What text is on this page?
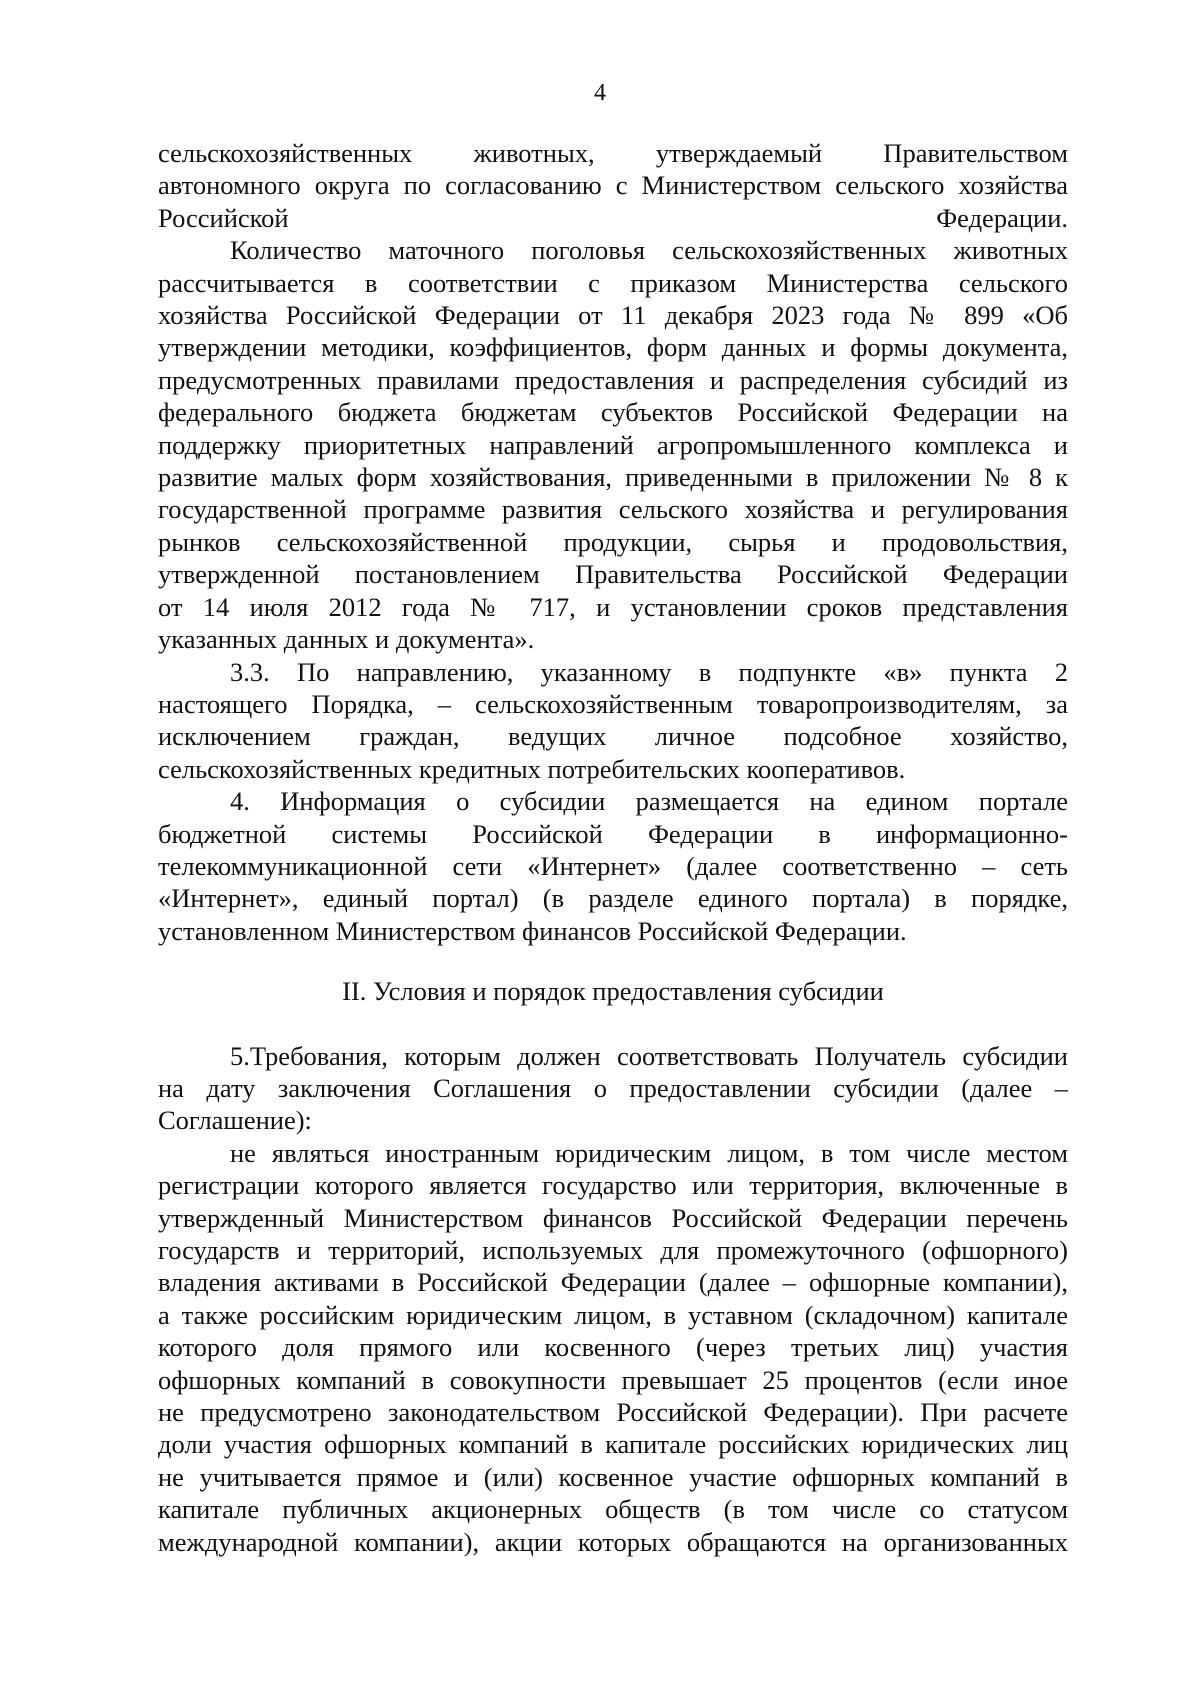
4
сельскохозяйственных животных, утверждаемый Правительством
автономного округа по согласованию с Министерством сельского хозяйства
Российской Федерации.
Количество маточного поголовья сельскохозяйственных животных
рассчитывается в соответствии с приказом Министерства сельского
хозяйства Российской Федерации от 11 декабря 2023 года № 899 «Об
утверждении методики, коэффициентов, форм данных и формы документа,
предусмотренных правилами предоставления и распределения субсидий из
федерального бюджета бюджетам субъектов Российской Федерации на
поддержку приоритетных направлений агропромышленного комплекса и
развитие малых форм хозяйствования, приведенными в приложении № 8 к
государственной программе развития сельского хозяйства и регулирования
рынков сельскохозяйственной продукции, сырья и продовольствия,
утвержденной постановлением Правительства Российской Федерации
от 14 июля 2012 года № 717, и установлении сроков представления
указанных данных и документа».
3.3. По направлению, указанному в подпункте «в» пункта 2
настоящего Порядка, – сельскохозяйственным товаропроизводителям, за
исключением граждан, ведущих личное подсобное хозяйство,
сельскохозяйственных кредитных потребительских кооперативов.
4. Информация о субсидии размещается на едином портале
бюджетной системы Российской Федерации в информационно-
телекоммуникационной сети «Интернет» (далее соответственно – сеть
«Интернет», единый портал) (в разделе единого портала) в порядке,
установленном Министерством финансов Российской Федерации.
II. Условия и порядок предоставления субсидии
5.Требования, которым должен соответствовать Получатель субсидии
на дату заключения Соглашения о предоставлении субсидии (далее –
Соглашение):
не являться иностранным юридическим лицом, в том числе местом
регистрации которого является государство или территория, включенные в
утвержденный Министерством финансов Российской Федерации перечень
государств и территорий, используемых для промежуточного (офшорного)
владения активами в Российской Федерации (далее – офшорные компании),
а также российским юридическим лицом, в уставном (складочном) капитале
которого доля прямого или косвенного (через третьих лиц) участия
офшорных компаний в совокупности превышает 25 процентов (если иное
не предусмотрено законодательством Российской Федерации). При расчете
доли участия офшорных компаний в капитале российских юридических лиц
не учитывается прямое и (или) косвенное участие офшорных компаний в
капитале публичных акционерных обществ (в том числе со статусом
международной компании), акции которых обращаются на организованных
